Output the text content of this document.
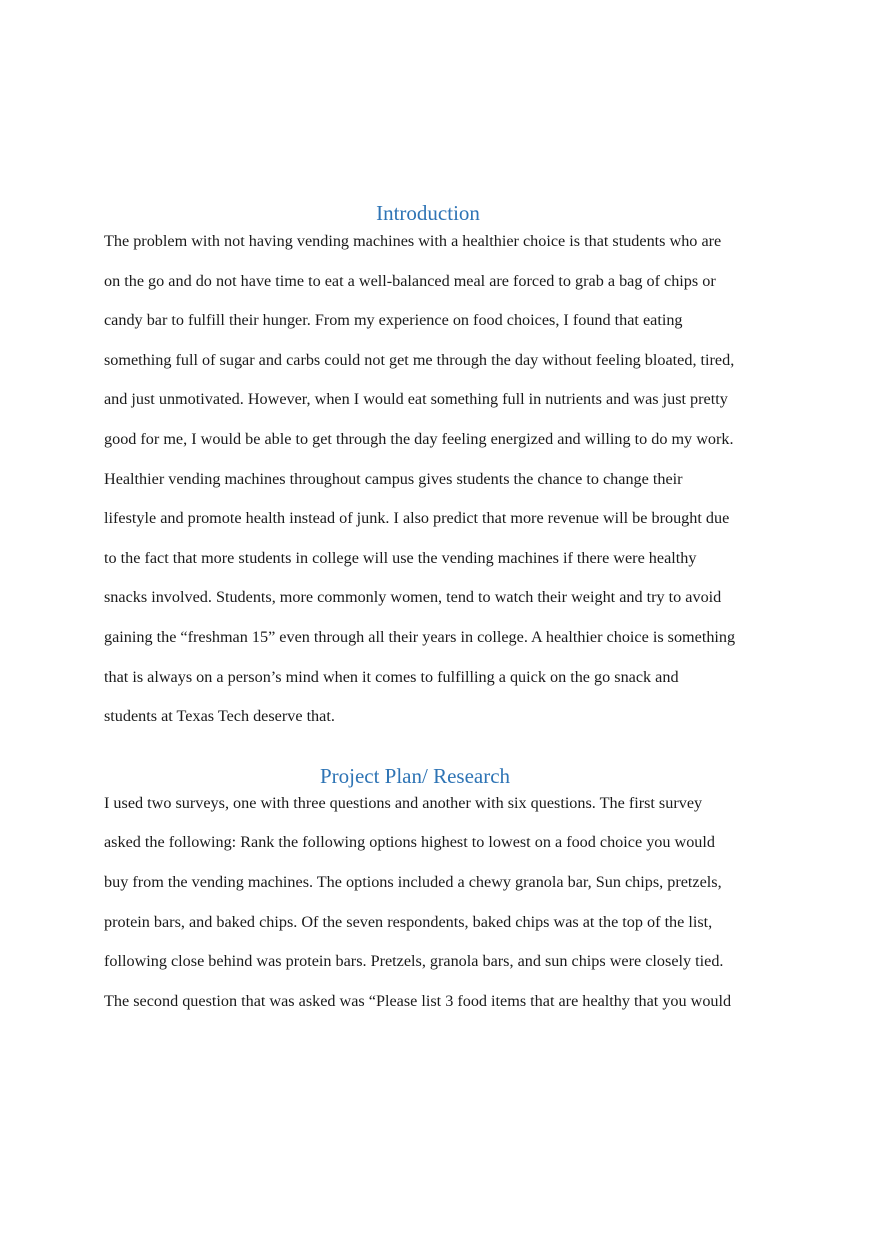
Introduction

The problem with not having vending machines with a healthier choice is that students who are

on the go and do not have time to eat a well-balanced meal are forced to grab a bag of chips or

candy bar to fulfill their hunger. From my experience on food choices, I found that eating

something full of sugar and carbs could not get me through the day without feeling bloated, tired,

and just unmotivated. However, when I would eat something full in nutrients and was just pretty

good for me, I would be able to get through the day feeling energized and willing to do my work.

Healthier vending machines throughout campus gives students the chance to change their

lifestyle and promote health instead of junk. I also predict that more revenue will be brought due

to the fact that more students in college will use the vending machines if there were healthy

snacks involved. Students, more commonly women, tend to watch their weight and try to avoid

gaining the “freshman 15” even through all their years in college. A healthier choice is something

that is always on a person’s mind when it comes to fulfilling a quick on the go snack and

students at Texas Tech deserve that.

Project Plan/ Research

I used two surveys, one with three questions and another with six questions. The first survey

asked the following: Rank the following options highest to lowest on a food choice you would

buy from the vending machines. The options included a chewy granola bar, Sun chips, pretzels,

protein bars, and baked chips. Of the seven respondents, baked chips was at the top of the list,

following close behind was protein bars. Pretzels, granola bars, and sun chips were closely tied.

The second question that was asked was “Please list 3 food items that are healthy that you would
